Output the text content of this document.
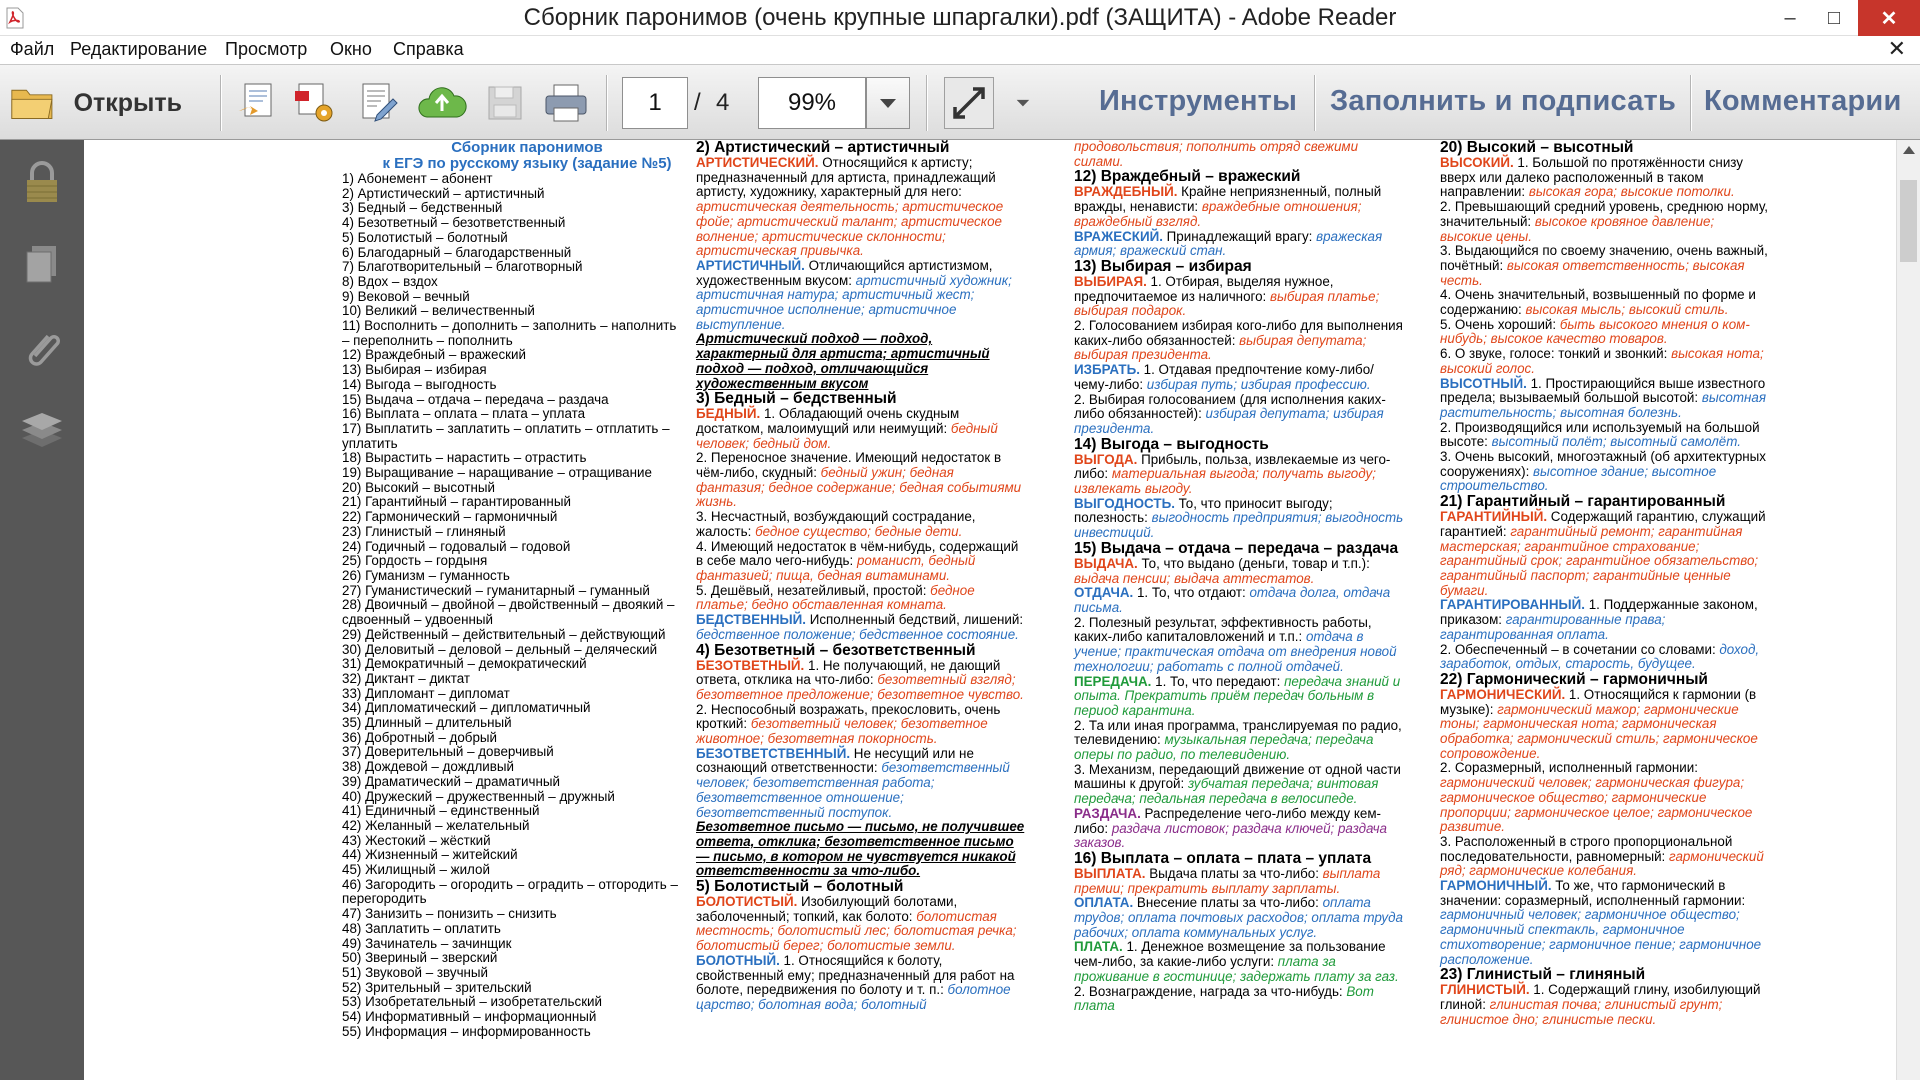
Сборник паронимов (очень крупные шпаргалки).pdf (ЗАЩИТА) - Adobe Reader	–	□	✕
Файл Редактирование Просмотр Окно Справка	✕
Открыть	1	/ 4	99%	⏷ Инструменты Заполнить и подписать Комментарии
Сборник паронимов
к ЕГЭ по русскому языку (задание №5)
1) Абонемент – абонент
2) Артистический – артистичный
3) Бедный – бедственный
4) Безответный – безответственный
5) Болотистый – болотный
6) Благодарный – благодарственный
7) Благотворительный – благотворный
8) Вдох – вздох
9) Вековой – вечный
10) Великий – величественный
11) Восполнить – дополнить – заполнить – наполнить – переполнить – пополнить
12) Враждебный – вражеский
13) Выбирая – избирая
14) Выгода – выгодность
15) Выдача – отдача – передача – раздача
16) Выплата – оплата – плата – уплата
17) Выплатить – заплатить – оплатить – отплатить – уплатить
18) Вырастить – нарастить – отрастить
19) Выращивание – наращивание – отращивание
20) Высокий – высотный
21) Гарантийный – гарантированный
22) Гармонический – гармоничный
23) Глинистый – глиняный
24) Годичный – годовалый – годовой
25) Гордость – гордыня
26) Гуманизм – гуманность
27) Гуманистический – гуманитарный – гуманный
28) Двоичный – двойной – двойственный – двоякий – сдвоенный – удвоенный
29) Действенный – действительный – действующий
30) Деловитый – деловой – дельный – деляческий
31) Демократичный – демократический
32) Диктант – диктат
33) Дипломант – дипломат
34) Дипломатический – дипломатичный
35) Длинный – длительный
36) Добротный – добрый
37) Доверительный – доверчивый
38) Дождевой – дождливый
39) Драматический – драматичный
40) Дружеский – дружественный – дружный
41) Единичный – единственный
42) Желанный – желательный
43) Жестокий – жёсткий
44) Жизненный – житейский
45) Жилищный – жилой
46) Загородить – огородить – оградить – отгородить – перегородить
47) Занизить – понизить – снизить
48) Заплатить – оплатить
49) Зачинатель – зачинщик
50) Звериный – зверский
51) Звуковой – звучный
52) Зрительный – зрительский
53) Изобретательный – изобретательский
54) Информативный – информационный
55) Информация – информированность
2) Артистический – артистичный
АРТИСТИЧЕСКИЙ. Относящийся к артисту; предназначенный для артиста, принадлежащий артисту, художнику, характерный для него: артистическая деятельность; артистическое фойе; артистический талант; артистическое волнение; артистические склонности; артистическая привычка.
АРТИСТИЧНЫЙ. Отличающийся артистизмом, художественным вкусом: артистичный художник; артистичная натура; артистичный жест; артистичное исполнение; артистичное выступление.
Артистический подход — подход, характерный для артиста; артистичный подход — подход, отличающийся художественным вкусом
3) Бедный – бедственный
БЕДНЫЙ. 1. Обладающий очень скудным достатком, малоимущий или неимущий: бедный человек; бедный дом.
2. Переносное значение. Имеющий недостаток в чём-либо, скудный: бедный ужин; бедная фантазия; бедное содержание; бедная событиями жизнь.
3. Несчастный, возбуждающий сострадание, жалость: бедное существо; бедные дети.
4. Имеющий недостаток в чём-нибудь, содержащий в себе мало чего-нибудь: романист, бедный фантазией; пища, бедная витаминами.
5. Дешёвый, незатейливый, простой: бедное платье; бедно обставленная комната.
БЕДСТВЕННЫЙ. Исполненный бедствий, лишений: бедственное положение; бедственное состояние.
4) Безответный – безответственный
БЕЗОТВЕТНЫЙ. 1. Не получающий, не дающий ответа, отклика на что-либо: безответный взгляд; безответное предложение; безответное чувство.
2. Неспособный возражать, прекословить, очень кроткий: безответный человек; безответное животное; безответная покорность.
БЕЗОТВЕТСТВЕННЫЙ. Не несущий или не сознающий ответственности: безответственный человек; безответственная работа; безответственное отношение; безответственный поступок.
Безответное письмо — письмо, не получившее ответа, отклика; безответственное письмо — письмо, в котором не чувствуется никакой ответственности за что-либо.
5) Болотистый – болотный
БОЛОТИСТЫЙ. Изобилующий болотами, заболоченный; топкий, как болото: болотистая местность; болотистый лес; болотистая речка; болотистый берег; болотистые земли.
БОЛОТНЫЙ. 1. Относящийся к болоту, свойственный ему; предназначенный для работ на болоте, передвижения по болоту и т. п.: болотное царство; болотная вода; болотный
продовольствия; пополнить отряд свежими силами.
12) Враждебный – вражеский
ВРАЖДЕБНЫЙ. Крайне неприязненный, полный вражды, ненависти: враждебные отношения; враждебный взгляд.
ВРАЖЕСКИЙ. Принадлежащий врагу: вражеская армия; вражеский стан.
13) Выбирая – избирая
ВЫБИРАЯ. 1. Отбирая, выделяя нужное, предпочитаемое из наличного: выбирая платье; выбирая подарок.
2. Голосованием избирая кого-либо для выполнения каких-либо обязанностей: выбирая депутата; выбирая президента.
ИЗБРАТЬ. 1. Отдавая предпочтение кому-либо/чему-либо: избирая путь; избирая профессию.
2. Выбирая голосованием (для исполнения каких-либо обязанностей): избирая депутата; избирая президента.
14) Выгода – выгодность
ВЫГОДА. Прибыль, польза, извлекаемые из чего-либо: материальная выгода; получать выгоду; извлекать выгоду.
ВЫГОДНОСТЬ. То, что приносит выгоду; полезность: выгодность предприятия; выгодность инвестиций.
15) Выдача – отдача – передача – раздача
ВЫДАЧА. То, что выдано (деньги, товар и т.п.): выдача пенсии; выдача аттестатов.
ОТДАЧА. 1. То, что отдают: отдача долга, отдача письма.
2. Полезный результат, эффективность работы, каких-либо капиталовложений и т.п.: отдача в учение; практическая отдача от внедрения новой технологии; работать с полной отдачей.
ПЕРЕДАЧА. 1. То, что передают: передача знаний и опыта. Прекратить приём передач больным в период карантина.
2. Та или иная программа, транслируемая по радио, телевидению: музыкальная передача; передача оперы по радио, по телевидению.
3. Механизм, передающий движение от одной части машины к другой: зубчатая передача; винтовая передача; педальная передача в велосипеде.
РАЗДАЧА. Распределение чего-либо между кем-либо: раздача листовок; раздача ключей; раздача заказов.
16) Выплата – оплата – плата – уплата
ВЫПЛАТА. Выдача платы за что-либо: выплата премии; прекратить выплату зарплаты.
ОПЛАТА. Внесение платы за что-либо: оплата трудов; оплата почтовых расходов; оплата труда рабочих; оплата коммунальных услуг.
ПЛАТА. 1. Денежное возмещение за пользование чем-либо, за какие-либо услуги: плата за проживание в гостинице; задержать плату за газ.
2. Вознаграждение, награда за что-нибудь: Вот плата
20) Высокий – высотный
ВЫСОКИЙ. 1. Большой по протяжённости снизу вверх или далеко расположенный в таком направлении: высокая гора; высокие потолки.
2. Превышающий средний уровень, среднюю норму, значительный: высокое кровяное давление; высокие цены.
3. Выдающийся по своему значению, очень важный, почётный: высокая ответственность; высокая честь.
4. Очень значительный, возвышенный по форме и содержанию: высокая мысль; высокий стиль.
5. Очень хороший: быть высокого мнения о ком-нибудь; высокое качество товаров.
6. О звуке, голосе: тонкий и звонкий: высокая нота; высокий голос.
ВЫСОТНЫЙ. 1. Простирающийся выше известного предела; вызываемый большой высотой: высотная растительность; высотная болезнь.
2. Производящийся или используемый на большой высоте: высотный полёт; высотный самолёт.
3. Очень высокий, многоэтажный (об архитектурных сооружениях): высотное здание; высотное строительство.
21) Гарантийный – гарантированный
ГАРАНТИЙНЫЙ. Содержащий гарантию, служащий гарантией: гарантийный ремонт; гарантийная мастерская; гарантийное страхование; гарантийный срок; гарантийное обязательство; гарантийный паспорт; гарантийные ценные бумаги.
ГАРАНТИРОВАННЫЙ. 1. Поддержанные законом, приказом: гарантированные права; гарантированная оплата.
2. Обеспеченный – в сочетании со словами: доход, заработок, отдых, старость, будущее.
22) Гармонический – гармоничный
ГАРМОНИЧЕСКИЙ. 1. Относящийся к гармонии (в музыке): гармонический мажор; гармонические тоны; гармоническая нота; гармоническая обработка; гармонический стиль; гармоническое сопровождение.
2. Соразмерный, исполненный гармонии: гармонический человек; гармоническая фигура; гармоническое общество; гармонические пропорции; гармоническое целое; гармоническое развитие.
3. Расположенный в строго пропорциональной последовательности, равномерный: гармонический ряд; гармонические колебания.
ГАРМОНИЧНЫЙ. То же, что гармонический в значении: соразмерный, исполненный гармонии: гармоничный человек; гармоничное общество; гармоничный спектакль, гармоничное стихотворение; гармоничное пение; гармоничное расположение.
23) Глинистый – глиняный
ГЛИНИСТЫЙ. 1. Содержащий глину, изобилующий глиной: глинистая почва; глинистый грунт; глинистое дно; глинистые пески.
